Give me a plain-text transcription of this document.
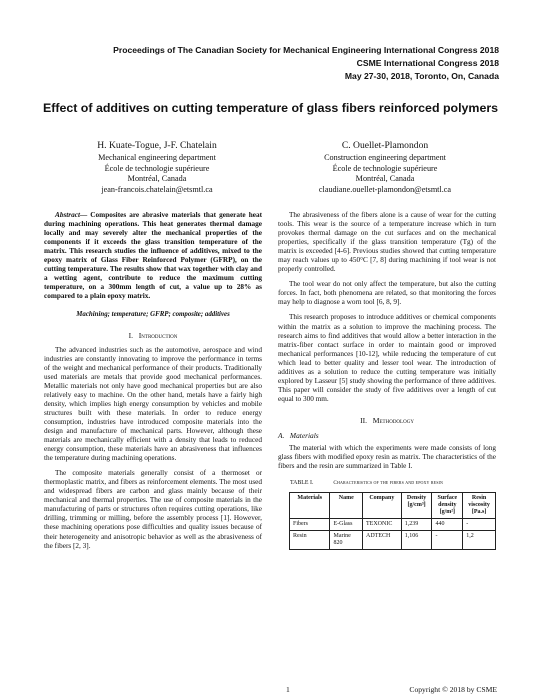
Proceedings of The Canadian Society for Mechanical Engineering International Congress 2018
CSME International Congress 2018
May 27-30, 2018, Toronto, On, Canada
Effect of additives on cutting temperature of glass fibers reinforced polymers
H. Kuate-Togue, J-F. Chatelain
Mechanical engineering department
École de technologie supérieure
Montréal, Canada
jean-francois.chatelain@etsmtl.ca
C. Ouellet-Plamondon
Construction engineering department
École de technologie supérieure
Montréal, Canada
claudiane.ouellet-plamondon@etsmtl.ca

Abstract— Composites are abrasive materials that generate heat during machining operations. This heat generates thermal damage locally and may severely alter the mechanical properties of the components if it exceeds the glass transition temperature of the matrix. This research studies the influence of additives, mixed to the epoxy matrix of Glass Fiber Reinforced Polymer (GFRP), on the cutting temperature. The results show that wax together with clay and a wetting agent, contribute to reduce the maximum cutting temperature, on a 300mm length of cut, a value up to 28% as compared to a plain epoxy matrix.

Machining; temperature; GFRP; composite; additives

I. Introduction

The advanced industries such as the automotive, aerospace and wind industries are constantly innovating to improve the performance in terms of the weight and mechanical performance of their products. Traditionally used materials are metals that provide good mechanical performances. Metallic materials not only have good mechanical properties but are also relatively easy to machine. On the other hand, metals have a fairly high density, which implies high energy consumption by vehicles and mobile structures built with these materials. In order to reduce energy consumption, industries have introduced composite materials into the design and manufacture of mechanical parts. However, although these materials are mechanically efficient with a density that leads to reduced energy consumption, these materials have an abrasiveness that influences the temperature during machining operations.

The composite materials generally consist of a thermoset or thermoplastic matrix, and fibers as reinforcement elements. The most used and widespread fibers are carbon and glass mainly because of their mechanical and thermal properties. The use of composite materials in the manufacturing of parts or structures often requires cutting operations, like drilling, trimming or milling, before the assembly process [1]. However, these machining operations pose difficulties and quality issues because of their heterogeneity and anisotropic behavior as well as the abrasiveness of the fibers [2, 3].

The abrasiveness of the fibers alone is a cause of wear for the cutting tools. This wear is the source of a temperature increase which in turn provokes thermal damage on the cut surfaces and on the mechanical properties, specifically if the glass transition temperature (Tg) of the matrix is exceeded [4-6]. Previous studies showed that cutting temperature may reach values up to 450°C [7, 8] during machining if tool wear is not properly controlled.

The tool wear do not only affect the temperature, but also the cutting forces. In fact, both phenomena are related, so that monitoring the forces may help to diagnose a worn tool [6, 8, 9].

This research proposes to introduce additives or chemical components within the matrix as a solution to improve the machining process. The research aims to find additives that would allow a better interaction in the matrix-fiber contact surface in order to maintain good or improved mechanical performances [10-12], while reducing the temperature of cut which lead to better quality and lesser tool wear. The introduction of additives as a solution to reduce the cutting temperature was initially explored by Lasseur [5] study showing the performance of three additives. This paper will consider the study of five additives over a length of cut equal to 300 mm.

II. Methodology
A. Materials

The material with which the experiments were made consists of long glass fibers with modified epoxy resin as matrix. The characteristics of the fibers and the resin are summarized in Table I.

TABLE I.	Characteristics of the fibers and epoxy resin
Materials	Name	Company	Density [g/cm³]	Surface density [g/m²]	Resin viscosity [Pa.s]
Fibers	E-Glass	TEXONIC	1,239	440	-
Resin	Marine 820	ADTECH	1,106	-	1,2
1	Copyright © 2018 by CSME
